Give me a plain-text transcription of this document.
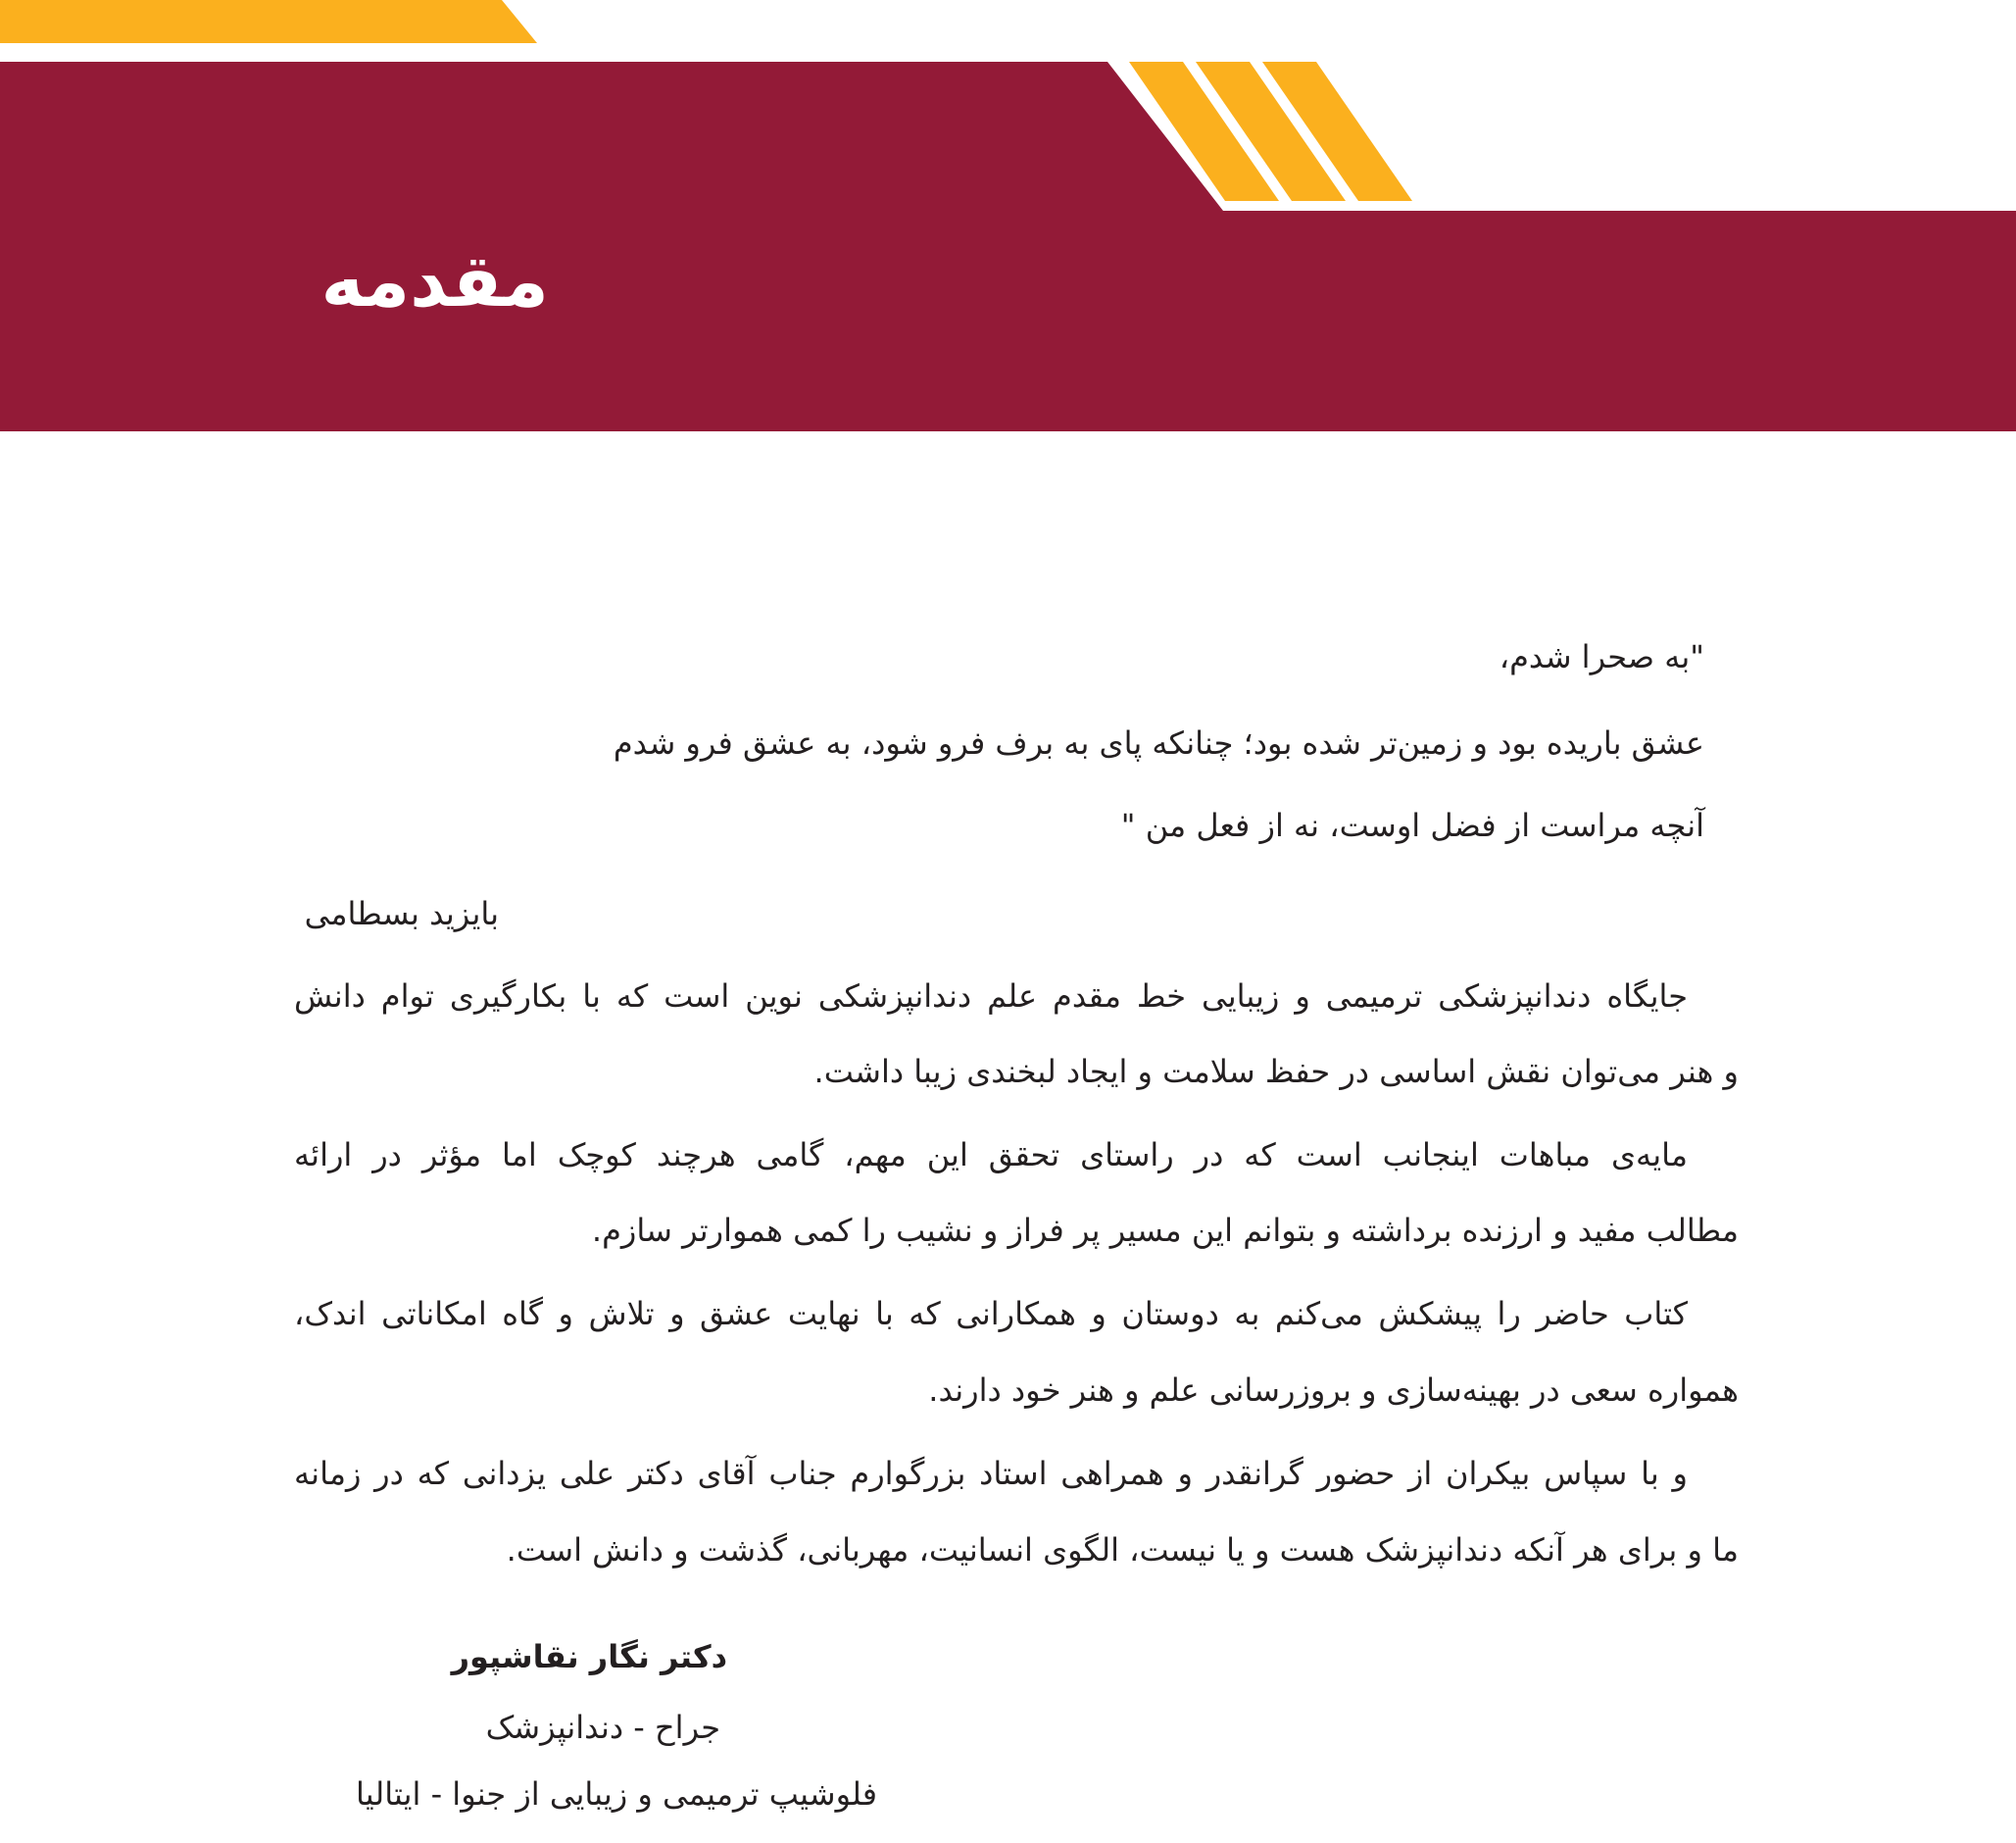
مقدمه
"به صحرا شدم،
عشق باریده بود و زمین‌تر شده بود؛ چنانکه پای به برف فرو شود، به عشق فرو شدم
آنچه مراست از فضل اوست، نه از فعل من "
بایزید بسطامی
جایگاه دندانپزشکی ترمیمی و زیبایی خط مقدم علم دندانپزشکی نوین است که با بکارگیری توام دانش
و هنر می‌توان نقش اساسی در حفظ سلامت و ایجاد لبخندی زیبا داشت.
مایه‌ی مباهات اینجانب است که در راستای تحقق این مهم، گامی هرچند کوچک اما مؤثر در ارائه
مطالب مفید و ارزنده برداشته و بتوانم این مسیر پر فراز و نشیب را کمی هموارتر سازم.
کتاب حاضر را پیشکش می‌کنم به دوستان و همکارانی که با نهایت عشق و تلاش و گاه امکاناتی اندک،
همواره سعی در بهینه‌سازی و بروزرسانی علم و هنر خود دارند.
و با سپاس بیکران از حضور گرانقدر و همراهی استاد بزرگوارم جناب آقای دکتر علی یزدانی که در زمانه
ما و برای هر آنکه دندانپزشک هست و یا نیست، الگوی انسانیت، مهربانی، گذشت و دانش است.
دکتر نگار نقاشپور
جراح - دندانپزشک
فلوشیپ ترمیمی و زیبایی از جنوا - ایتالیا
